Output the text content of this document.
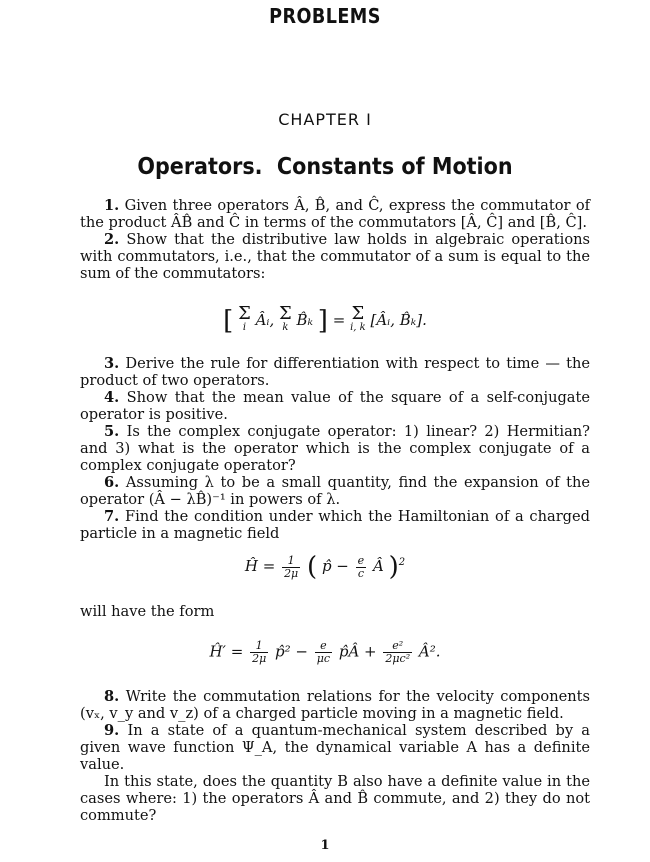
PROBLEMS
CHAPTER I
Operators.  Constants of Motion

1. Given three operators Â, B̂, and Ĉ, express the commutator of the product ÂB̂ and Ĉ in terms of the commutators [Â, Ĉ] and [B̂, Ĉ].

2. Show that the distributive law holds in algebraic operations with commutators, i.e., that the commutator of a sum is equal to the sum of the commutators:

[ Σ
i Âᵢ, Σ
k B̂ₖ ] = Σ
i, k [Âᵢ, B̂ₖ].

3. Derive the rule for differentiation with respect to time — the product of two operators.

4. Show that the mean value of the square of a self-conjugate operator is positive.

5. Is the complex conjugate operator: 1) linear? 2) Hermitian? and 3) what is the operator which is the complex conjugate of a complex conjugate operator?

6. Assuming λ to be a small quantity, find the expansion of the operator (Â − λB̂)⁻¹ in powers of λ.

7. Find the condition under which the Hamiltonian of a charged particle in a magnetic field

Ĥ = $\frac{1}{2\mu}$ ( p̂ − $\frac{e}{c}$ Â )$^2$

will have the form

Ĥ′ = $\frac{1}{2\mu}$ p̂² − $\frac{e}{\mu c}$ p̂Â + $\frac{\text{e²}}{\text{2μc²}}$ Â².

8. Write the commutation relations for the velocity components (vₓ, v_y and v_z) of a charged particle moving in a magnetic field.

9. In a state of a quantum-mechanical system described by a given wave function Ψ_A, the dynamical variable A has a definite value.

In this state, does the quantity B also have a definite value in the cases where: 1) the operators Â and B̂ commute, and 2) they do not commute?

1
